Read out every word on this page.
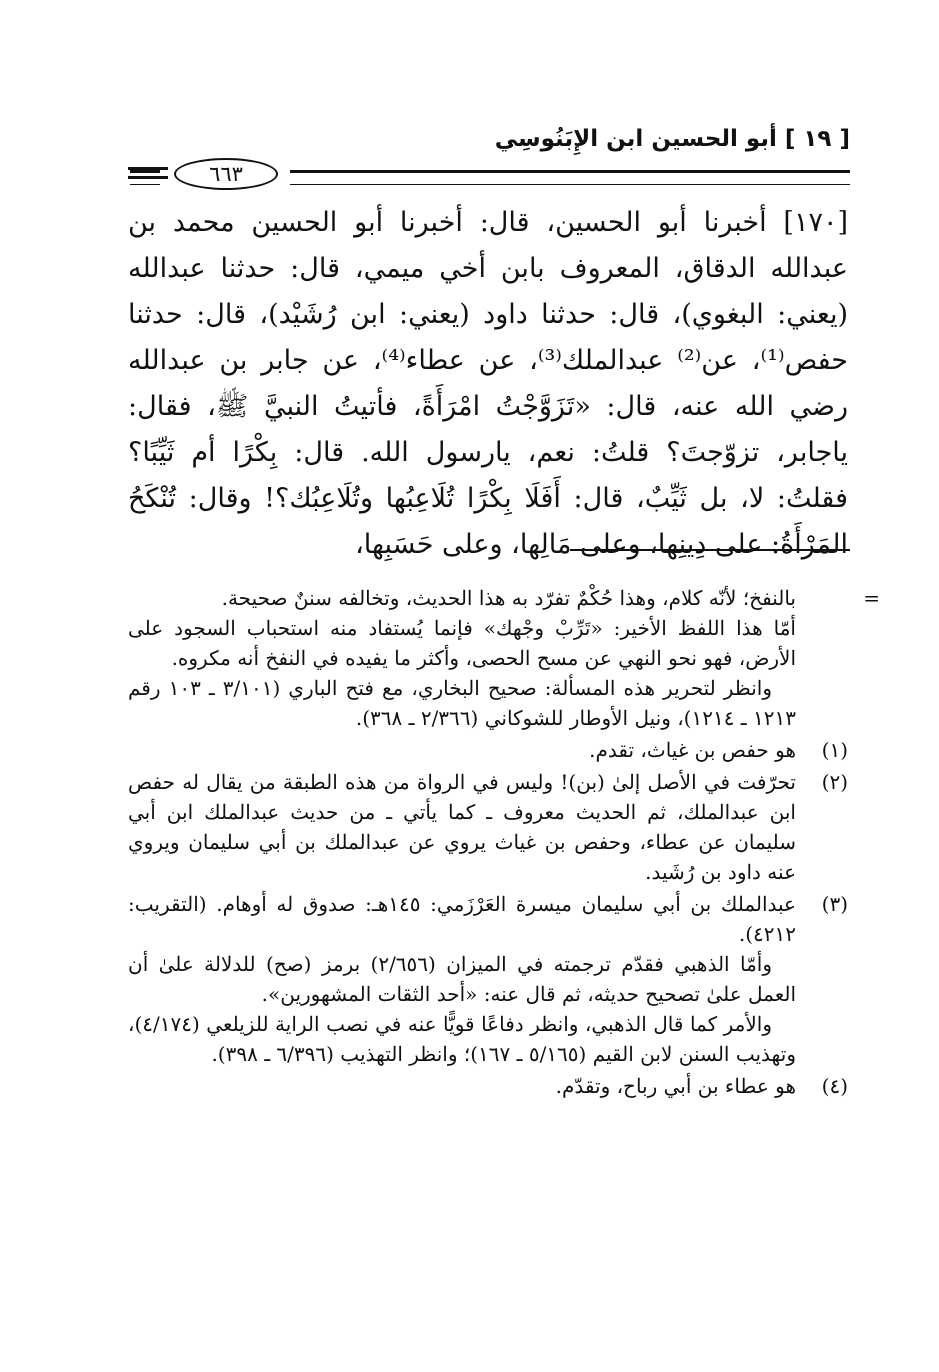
[ ١٩ ] أبو الحسين ابن الإِبَنُوسِي
٦٦٣

[١٧٠] أخبرنا أبو الحسين، قال: أخبرنا أبو الحسين محمد بن عبدالله الدقاق، المعروف بابن أخي ميمي، قال: حدثنا عبدالله (يعني: البغوي)، قال: حدثنا داود (يعني: ابن رُشَيْد)، قال: حدثنا حفص⁽¹⁾، عن⁽²⁾ عبدالملك⁽³⁾، عن عطاء⁽⁴⁾، عن جابر بن عبدالله رضي الله عنه، قال: «تَزَوَّجْتُ امْرَأَةً، فأتيتُ النبيَّ ﷺ، فقال: ياجابر، تزوّجتَ؟ قلتُ: نعم، يارسول الله. قال: بِكْرًا أم ثَيِّبًا؟ فقلتُ: لا، بل ثَيِّبٌ، قال: أَفَلَا بِكْرًا تُلَاعِبُها وتُلَاعِبُك؟! وقال: تُنْكَحُ المَرْأَةُ: على دِينِها، وعلى مَالِها، وعلى حَسَبِها،

=
بالنفخ؛ لأنّه كلام، وهذا حُكْمٌ تفرّد به هذا الحديث، وتخالفه سننٌ صحيحة.
أمّا هذا اللفظ الأخير: «تَرِّبْ وجْهك» فإنما يُستفاد منه استحباب السجود على الأرض، فهو نحو النهي عن مسح الحصى، وأكثر ما يفيده في النفخ أنه مكروه.
وانظر لتحرير هذه المسألة: صحيح البخاري، مع فتح الباري (٣/١٠١ ـ ١٠٣ رقم ١٢١٣ ـ ١٢١٤)، ونيل الأوطار للشوكاني (٢/٣٦٦ ـ ٣٦٨).
(١)
هو حفص بن غياث، تقدم.
(٢)
تحرّفت في الأصل إلىٰ (بن)! وليس في الرواة من هذه الطبقة من يقال له حفص ابن عبدالملك، ثم الحديث معروف ـ كما يأتي ـ من حديث عبدالملك ابن أبي سليمان عن عطاء، وحفص بن غياث يروي عن عبدالملك بن أبي سليمان ويروي عنه داود بن رُشَيد.
(٣)
عبدالملك بن أبي سليمان ميسرة العَرْزَمي: ١٤٥هـ: صدوق له أوهام. (التقريب: ٤٢١٢).
وأمّا الذهبي فقدّم ترجمته في الميزان (٢/٦٥٦) برمز (صح) للدلالة علىٰ أن العمل علىٰ تصحيح حديثه، ثم قال عنه: «أحد الثقات المشهورين».
والأمر كما قال الذهبي، وانظر دفاعًا قويًّا عنه في نصب الراية للزيلعي (٤/١٧٤)، وتهذيب السنن لابن القيم (٥/١٦٥ ـ ١٦٧)؛ وانظر التهذيب (٦/٣٩٦ ـ ٣٩٨).
(٤)
هو عطاء بن أبي رباح، وتقدّم.
